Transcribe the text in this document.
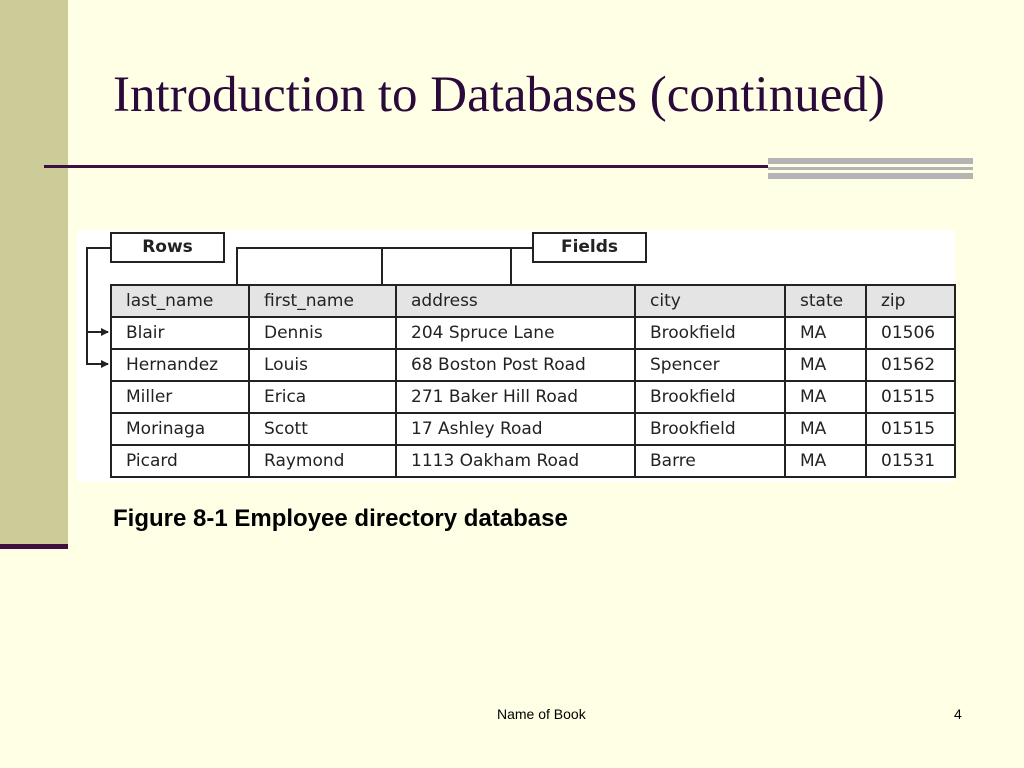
Introduction to Databases (continued)
Rows	Fields
last_name	first_name	address	city	state	zip
Blair	Dennis	204 Spruce Lane	Brookfield	MA	01506
Hernandez	Louis	68 Boston Post Road	Spencer	MA	01562
Miller	Erica	271 Baker Hill Road	Brookfield	MA	01515
Morinaga	Scott	17 Ashley Road	Brookfield	MA	01515
Picard	Raymond	1113 Oakham Road	Barre	MA	01531

Figure 8-1 Employee directory database

Name of Book	4
